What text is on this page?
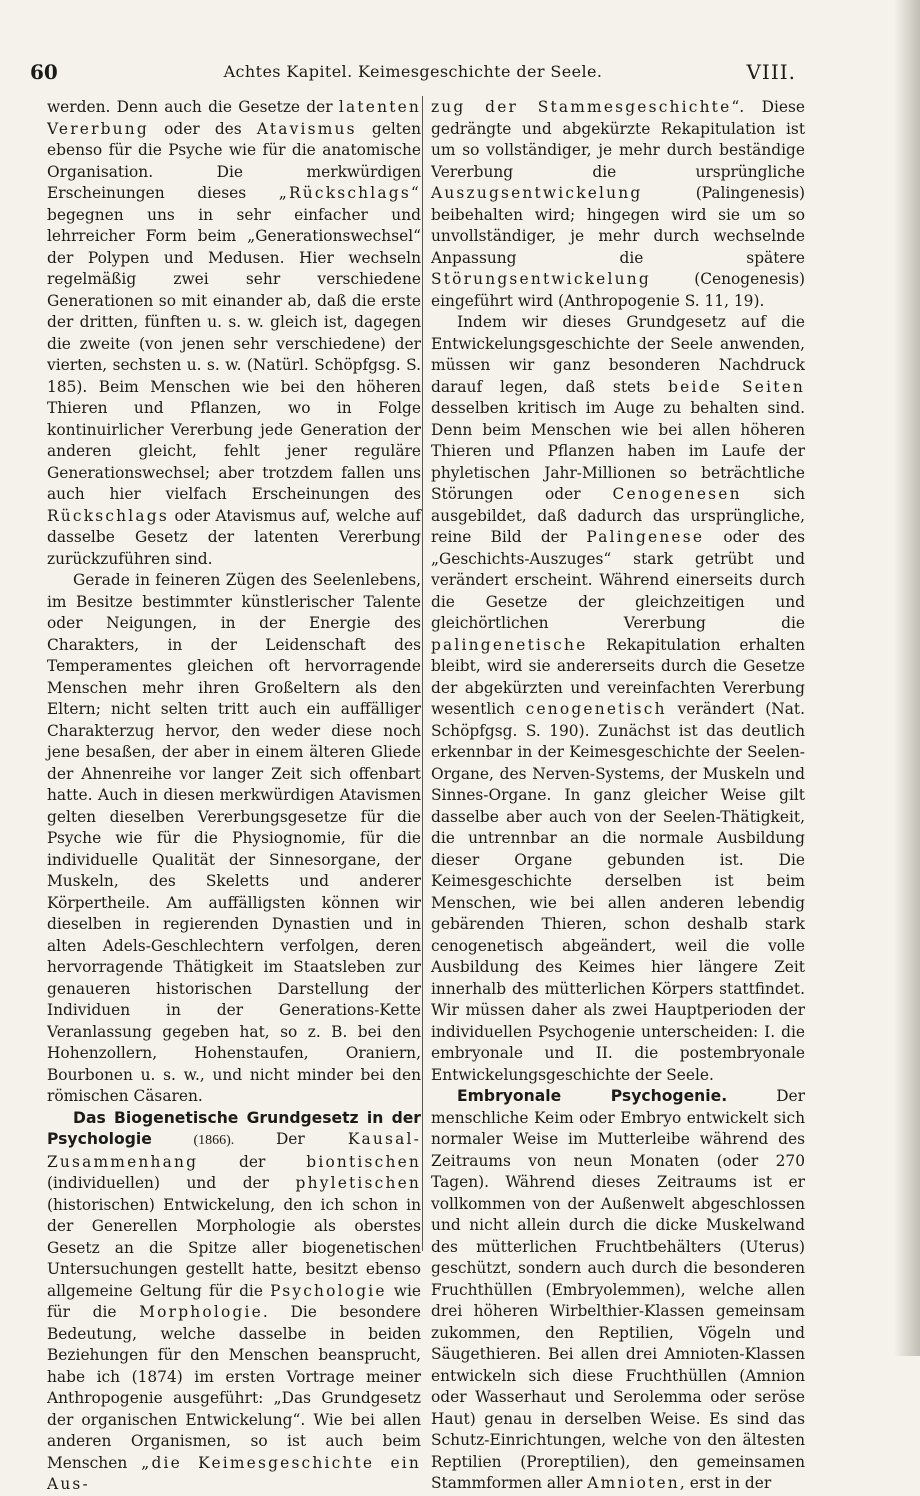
60	Achtes Kapitel. Keimesgeschichte der Seele.	VIII.

werden. Denn auch die Gesetze der latenten Vererbung oder des Atavismus gelten ebenso für die Psyche wie für die anatomische Organisation. Die merkwürdigen Erscheinungen dieses „Rückschlags“ begegnen uns in sehr einfacher und lehrreicher Form beim „Generationswechsel“ der Polypen und Medusen. Hier wechseln regelmäßig zwei sehr verschiedene Generationen so mit einander ab, daß die erste der dritten, fünften u. s. w. gleich ist, dagegen die zweite (von jenen sehr verschiedene) der vierten, sechsten u. s. w. (Natürl. Schöpfgsg. S. 185). Beim Menschen wie bei den höheren Thieren und Pflanzen, wo in Folge kontinuirlicher Vererbung jede Generation der anderen gleicht, fehlt jener reguläre Generationswechsel; aber trotzdem fallen uns auch hier vielfach Erscheinungen des Rückschlags oder Atavismus auf, welche auf dasselbe Gesetz der latenten Vererbung zurückzuführen sind.

Gerade in feineren Zügen des Seelenlebens, im Besitze bestimmter künstlerischer Talente oder Neigungen, in der Energie des Charakters, in der Leidenschaft des Temperamentes gleichen oft hervorragende Menschen mehr ihren Großeltern als den Eltern; nicht selten tritt auch ein auffälliger Charakterzug hervor, den weder diese noch jene besaßen, der aber in einem älteren Gliede der Ahnenreihe vor langer Zeit sich offenbart hatte. Auch in diesen merkwürdigen Atavismen gelten dieselben Vererbungsgesetze für die Psyche wie für die Physiognomie, für die individuelle Qualität der Sinnesorgane, der Muskeln, des Skeletts und anderer Körpertheile. Am auffälligsten können wir dieselben in regierenden Dynastien und in alten Adels-Geschlechtern verfolgen, deren hervorragende Thätigkeit im Staatsleben zur genaueren historischen Darstellung der Individuen in der Generations-Kette Veranlassung gegeben hat, so z. B. bei den Hohenzollern, Hohenstaufen, Oraniern, Bourbonen u. s. w., und nicht minder bei den römischen Cäsaren.

Das Biogenetische Grundgesetz in der Psychologie (1866). Der Kausal-Zusammenhang der biontischen (individuellen) und der phyletischen (historischen) Entwickelung, den ich schon in der Generellen Morphologie als oberstes Gesetz an die Spitze aller biogenetischen Untersuchungen gestellt hatte, besitzt ebenso allgemeine Geltung für die Psychologie wie für die Morphologie. Die besondere Bedeutung, welche dasselbe in beiden Beziehungen für den Menschen beansprucht, habe ich (1874) im ersten Vortrage meiner Anthropogenie ausgeführt: „Das Grundgesetz der organischen Entwickelung“. Wie bei allen anderen Organismen, so ist auch beim Menschen „die Keimesgeschichte ein Aus-

zug der Stammesgeschichte“. Diese gedrängte und abgekürzte Rekapitulation ist um so vollständiger, je mehr durch beständige Vererbung die ursprüngliche Auszugsentwickelung (Palingenesis) beibehalten wird; hingegen wird sie um so unvollständiger, je mehr durch wechselnde Anpassung die spätere Störungsentwickelung (Cenogenesis) eingeführt wird (Anthropogenie S. 11, 19).

Indem wir dieses Grundgesetz auf die Entwickelungsgeschichte der Seele anwenden, müssen wir ganz besonderen Nachdruck darauf legen, daß stets beide Seiten desselben kritisch im Auge zu behalten sind. Denn beim Menschen wie bei allen höheren Thieren und Pflanzen haben im Laufe der phyletischen Jahr-Millionen so beträchtliche Störungen oder Cenogenesen sich ausgebildet, daß dadurch das ursprüngliche, reine Bild der Palingenese oder des „Geschichts-Auszuges“ stark getrübt und verändert erscheint. Während einerseits durch die Gesetze der gleichzeitigen und gleichörtlichen Vererbung die palingenetische Rekapitulation erhalten bleibt, wird sie andererseits durch die Gesetze der abgekürzten und vereinfachten Vererbung wesentlich cenogenetisch verändert (Nat. Schöpfgsg. S. 190). Zunächst ist das deutlich erkennbar in der Keimesgeschichte der Seelen-Organe, des Nerven-Systems, der Muskeln und Sinnes-Organe. In ganz gleicher Weise gilt dasselbe aber auch von der Seelen-Thätigkeit, die untrennbar an die normale Ausbildung dieser Organe gebunden ist. Die Keimesgeschichte derselben ist beim Menschen, wie bei allen anderen lebendig gebärenden Thieren, schon deshalb stark cenogenetisch abgeändert, weil die volle Ausbildung des Keimes hier längere Zeit innerhalb des mütterlichen Körpers stattfindet. Wir müssen daher als zwei Hauptperioden der individuellen Psychogenie unterscheiden: I. die embryonale und II. die postembryonale Entwickelungsgeschichte der Seele.

Embryonale Psychogenie. Der menschliche Keim oder Embryo entwickelt sich normaler Weise im Mutterleibe während des Zeitraums von neun Monaten (oder 270 Tagen). Während dieses Zeitraums ist er vollkommen von der Außenwelt abgeschlossen und nicht allein durch die dicke Muskelwand des mütterlichen Fruchtbehälters (Uterus) geschützt, sondern auch durch die besonderen Fruchthüllen (Embryolemmen), welche allen drei höheren Wirbelthier-Klassen gemeinsam zukommen, den Reptilien, Vögeln und Säugethieren. Bei allen drei Amnioten-Klassen entwickeln sich diese Fruchthüllen (Amnion oder Wasserhaut und Serolemma oder seröse Haut) genau in derselben Weise. Es sind das Schutz-Einrichtungen, welche von den ältesten Reptilien (Proreptilien), den gemeinsamen Stammformen aller Amnioten, erst in der
